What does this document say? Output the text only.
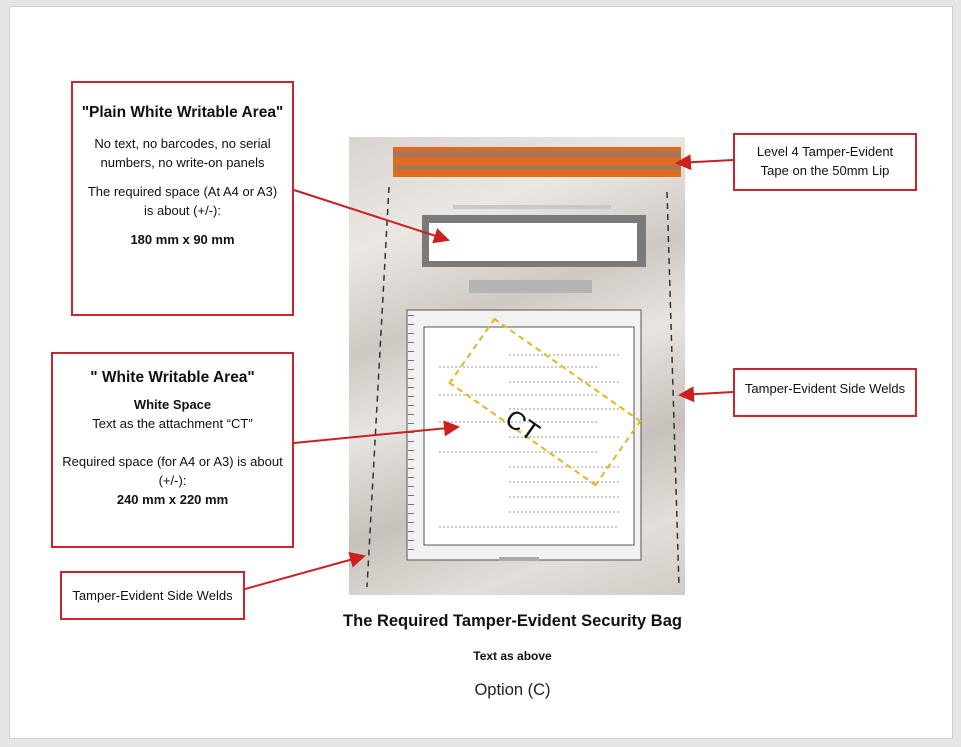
"Plain White Writable Area"
No text, no barcodes, no serial numbers, no write-on panels
The required space (At A4 or A3) is about (+/-):
180 mm x 90 mm
" White Writable Area"
White Space
Text as the attachment “CT”
Required space (for A4 or A3) is about (+/-):
240 mm x 220 mm
Tamper-Evident Side Welds
Level 4 Tamper-Evident
Tape on the 50mm Lip
Tamper-Evident Side Welds
CT
The Required Tamper-Evident Security Bag
Text as above
Option (C)
